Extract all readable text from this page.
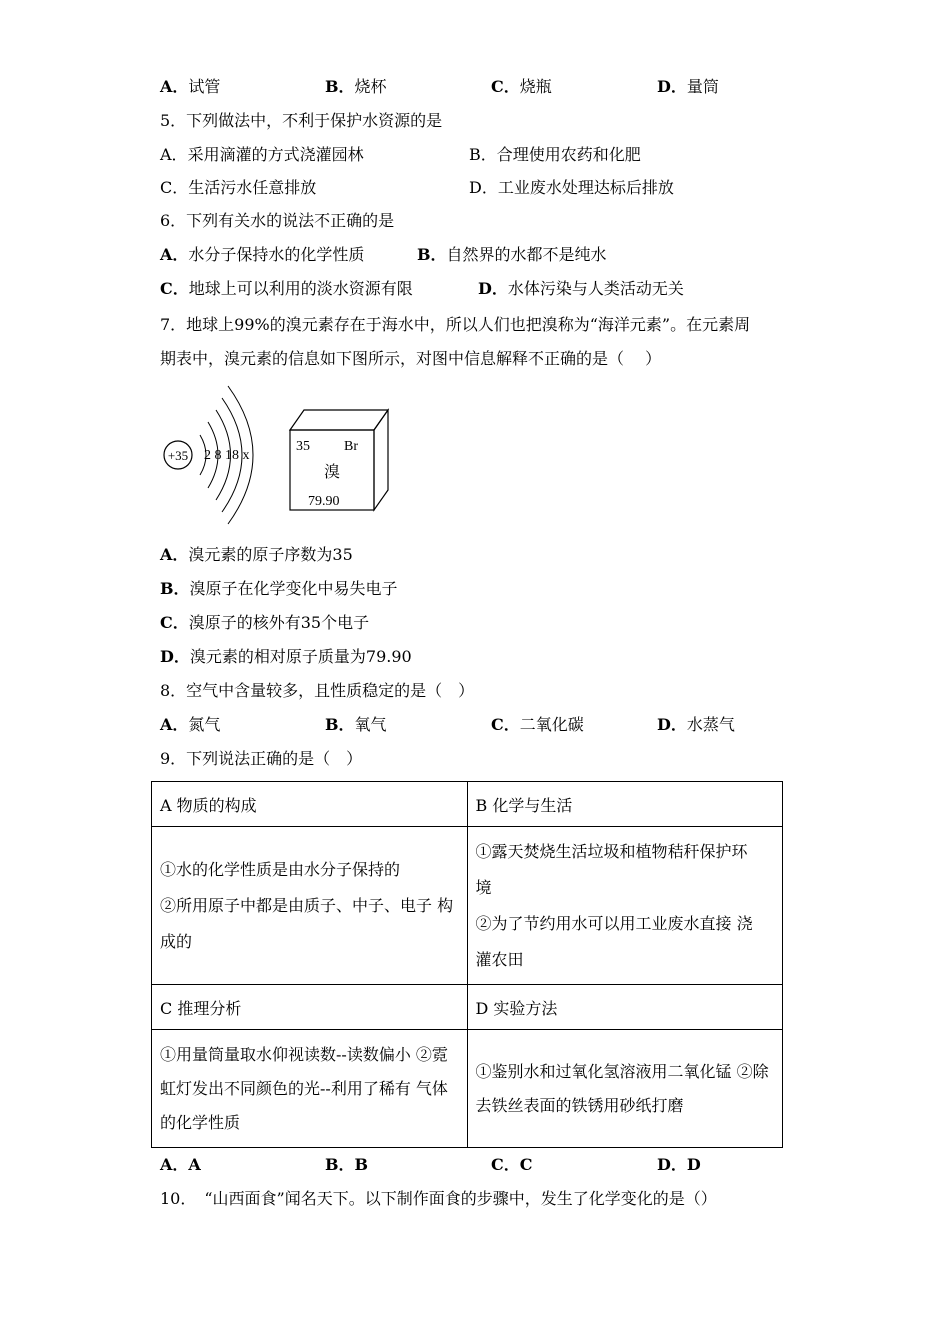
A．试管	B．烧杯	C．烧瓶	D．量筒
5．下列做法中，不利于保护水资源的是
A．采用滴灌的方式浇灌园林	B．合理使用农药和化肥
C．生活污水任意排放	D．工业废水处理达标后排放
6．下列有关水的说法不正确的是
A．水分子保持水的化学性质	B．自然界的水都不是纯水
C．地球上可以利用的淡水资源有限	D．水体污染与人类活动无关
7．地球上99%的溴元素存在于海水中，所以人们也把溴称为“海洋元素”。在元素周
期表中，溴元素的信息如下图所示，对图中信息解释不正确的是（　 ）
+35 2 8 18 x
35 Br
溴
79.90
A．溴元素的原子序数为35
B．溴原子在化学变化中易失电子
C．溴原子的核外有35个电子
D．溴元素的相对原子质量为79.90
8．空气中含量较多，且性质稳定的是（　）
A．氮气	B．氧气	C．二氧化碳	D．水蒸气
9．下列说法正确的是（　）
A 物质的构成	B 化学与生活

①水的化学性质是由水分子保持的
②所用原子中都是由质子、中子、电子 构
成的	①露天焚烧生活垃圾和植物秸秆保护环
境
②为了节约用水可以用工业废水直接 浇
灌农田

C 推理分析	D 实验方法
①用量筒量取水仰视读数--读数偏小 ②霓虹灯发出不同颜色的光--利用了稀有 气体的化学性质	①鉴别水和过氧化氢溶液用二氧化锰 ②除去铁丝表面的铁锈用砂纸打磨
A．A	B．B	C．C	D．D
10．　“山西面食”闻名天下。以下制作面食的步骤中，发生了化学变化的是（）
